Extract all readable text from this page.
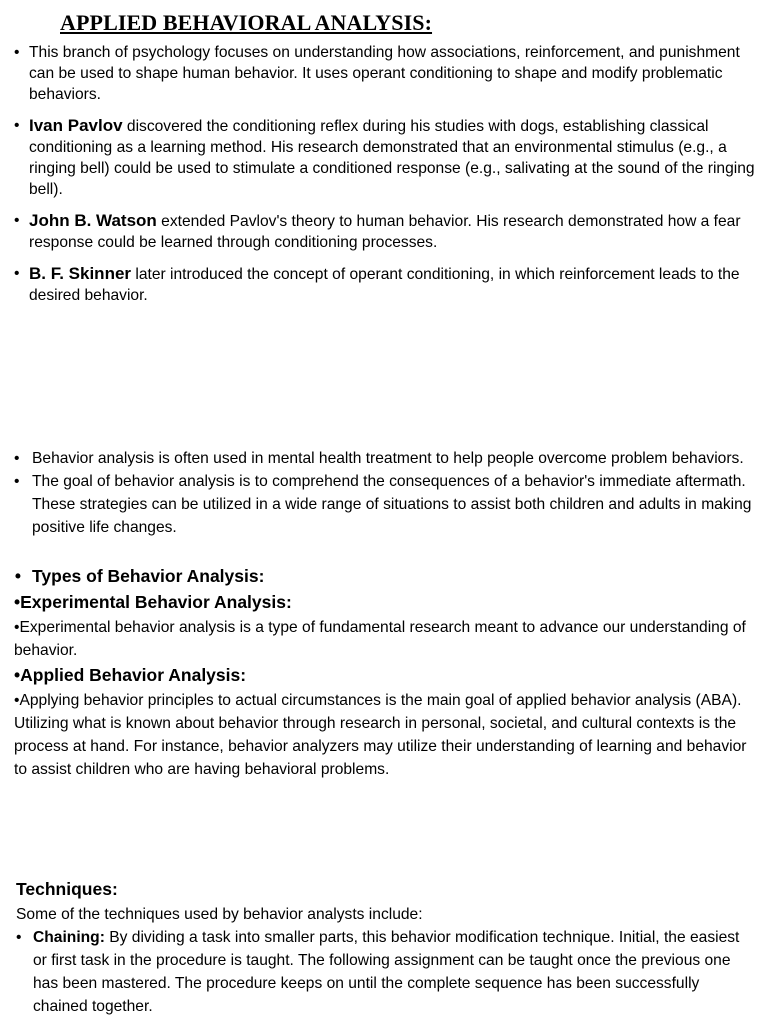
APPLIED BEHAVIORAL ANALYSIS:
• This branch of psychology focuses on understanding how associations, reinforcement, and punishment can be used to shape human behavior. It uses operant conditioning to shape and modify problematic behaviors.
• Ivan Pavlov discovered the conditioning reflex during his studies with dogs, establishing classical conditioning as a learning method. His research demonstrated that an environmental stimulus (e.g., a ringing bell) could be used to stimulate a conditioned response (e.g., salivating at the sound of the ringing bell).
• John B. Watson extended Pavlov's theory to human behavior. His research demonstrated how a fear response could be learned through conditioning processes.
• B. F. Skinner later introduced the concept of operant conditioning, in which reinforcement leads to the desired behavior.
• Behavior analysis is often used in mental health treatment to help people overcome problem behaviors.
• The goal of behavior analysis is to comprehend the consequences of a behavior's immediate aftermath. These strategies can be utilized in a wide range of situations to assist both children and adults in making positive life changes.
• Types of Behavior Analysis:
•Experimental Behavior Analysis:
•Experimental behavior analysis is a type of fundamental research meant to advance our understanding of behavior.
•Applied Behavior Analysis:
•Applying behavior principles to actual circumstances is the main goal of applied behavior analysis (ABA). Utilizing what is known about behavior through research in personal, societal, and cultural contexts is the process at hand. For instance, behavior analyzers may utilize their understanding of learning and behavior to assist children who are having behavioral problems.
Techniques:
Some of the techniques used by behavior analysts include:
• Chaining: By dividing a task into smaller parts, this behavior modification technique. Initial, the easiest or first task in the procedure is taught. The following assignment can be taught once the previous one has been mastered. The procedure keeps on until the complete sequence has been successfully chained together.
